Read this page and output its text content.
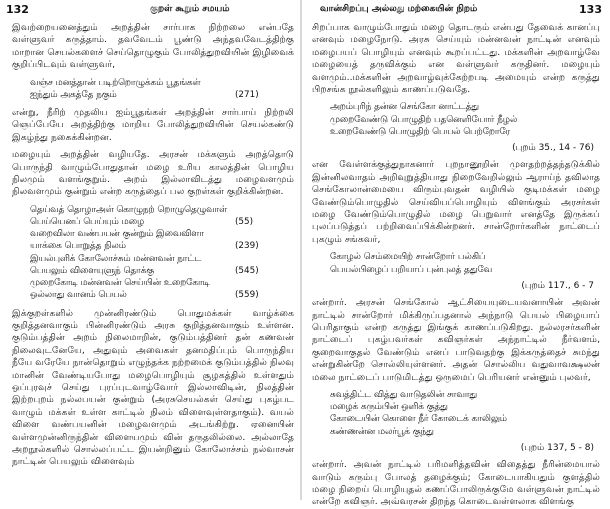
132	குறள் கூறும் சமயம்

இவற்றையனைத்தும் அறத்தின் சார்பாக நிற்றலை என்பதே வள்ளுவர் கருத்தாம். தவவேடம் பூண்டு அந்தவவேடத்திற்கு மாறான செயல்களைச் செய்தொழுகும் போலித்துறவியின் இழிவைக் குறிப்பிடவும் வள்ளுவர்,

வஞ்ச மனத்தான் படிற்றொழுக்கம் பூதங்கள்
ஐந்தும் அகத்தே நகும்	(271)

என்று, நீரிற் முதலிய ஐம்பூதங்கள் அறத்தின் சார்பாய் நிற்றலி ஞெப்பேயே அறத்திற்கு மாறிய போலித்துறவியின் செயல்கண்டு இகழ்ந்து நகைக்கின்றன.

மழையும் அறத்தின் வழியதே. அரசன் மக்களும் அறத்தொடு பொருந்தி வாழும்போதுதான் மழை உரிய காலத்தின் பொழிய நிலமும் வளங்குறும். அறம் இல்லாவிடத்து மழைவளமும் நிலவளமும் குன்றும் என்ற கருத்தைப் பல குறள்கள் குறிக்கின்றன.

தெய்வத் தொழாஅள் கொழுநற் றொழுதெழுவாள்
பெய்யெனப் பெய்யும் மழை	(55)
வறைவிலா வண்பயன் குன்றும் இவைவிளா
யாக்கை பொறுத்த நிலம்	(239)
இயல்புளிக் கோலோச்சும் மன்னவன் நாட்ட
பெயலும் விளையுளுந் தொக்கு	(545)
முறைகோடி மன்னவன் செய்யின் உறைகோடி
ஒல்லாது வானம் பெயல்	(559)

இக்குறள்களில் முன்னிரண்டும் பொதுமக்கள் வாழ்க்கை குறித்தனவாகும் பின்னிரண்டும் அரசு குறித்தனவாகும் உள்ளன. குடும்பத்தின் அறம் நிலைமாறின், குடும்பத்தினர் தன் கணவன் நிலைவுடனேயே, அதுவும் அவைகள் தனமதிப்பும் பொருந்திய நீயே வரேயே நான்தொறும் எழுந்தக்க நற்றமைக் குடும்பத்தில் நிலவு மானின் வேண்டியபோது மழைபொழியும் சூழகத்தில் உள்ளதும் ஒப்புரவுச் செய்து புரப்புடவாழ்வோர் இல்லாவிடின், நிலத்தின் இற்றபுறம் நல்லபயன் குன்றும் (அரசுசெயல்கள் செய்து புகழ்பட வாழும் மக்கள் உள்ள காட்டில் நிலம் விளைவுள்ளதாகும்). வயல் விளை வண்பயனின் மழைவளமும் அடங்கிற்று. ஏனையின் வள்ளமுன்னிருந்தின் விளையமும் வின் தருதலில்லை. அல்லாதே அறநூல்களில் சொல்லப்பட்ட இயன்றினும் கோலோச்சம் நல்வாசன் நாட்டின் பெயலும் விளைவும்

வான்சிறப்பு அல்லது மற்கையின் நிறம்	133

சிறப்பாக வாழும்போதும் மழை தொடரும் என்பது தேவைக் கானப்பு எனவும் மழைநோடு. அரசு செய்யும் மன்னவன் நாட்டின் எனவும் மழைபயப் பொழியும் எனவும் கூறப்பட்டது. மக்களின் அறவாழ்வே மழையைத் தருவிக்கும் என வள்ளுவர் கருதினர். மழையும் வளமும்..மக்களின் அறவாழ்வுக்கேற்றபடி அமையும் என்ற கருத்து பிறசங்க நூல்களிலும் காணப்படுவதே.

அறம்புரிந் தன்ன செங்கோ னாட்டத்து
முறைவேண்டு பொழுதிற் பதனெளியோர் நீழல்
உறைவேண்டு பொழுதிற் பெயல் பெற்றோரே
(புறம் 35., 14 - 76)

என வேள்ளக்குத்துநாகனார் புறநானூறின் முளதற்றத்தந்தடுக்கில் இன்னிலவாதம் அறிவுறுத்தியாது நிறைவேறில்லும் ஆராய்ந் தவிலாத செங்கோலான்மையை விரும்புவதன் வழியில் குடிமக்கள் மழை வேண்டும்பொழுதில் செய்வியப்பொழியும் விளங்கும் அரசர்கள் மழை வேண்டும்பொழுதில் மழை பெறுவார் எனத்தே இருக்கப் புலப்படுத்தப் பற்றிவைப்பிக்கின்றனர். சான்றோர்களின் நாட்டைப் புகழும் சங்கவர்,

கோழல் செம்மையிற் சான்றோர் பல்கிப்
பெயல்பிழைப் பறியாப் புன்புலத் ததுவே
(புறம் 117., 6 - 7

என்றார். அரசன் செங்கோல் ஆட்சியையுடையவனாயின் அவன் நாட்டில் சான்றோர் மிக்கிருப்பதனால் அந்நாடு பெயல் பிழையாப் பெரிதாகும் என்ற கருத்து இங்குக் காணப்படுகிறது. நல்லரசர்களின் நாட்டைப் புகழ்பவர்கள் கவிஞர்கள் அந்நாட்டில் நீர்வளம், குறைவாகுதல் வேண்டும் எனப் பாடுவதற்கு இக்கருத்தைச் சுமந்து என்றுகின்றே சொல்லியுள்ளனர். அதன் சொல்லிய வதுவாவக்ஷலன் மலை நாட்டைப் பாடுமிடத்து ஒருமைப் பெரியனர் என்னும் புலவர்,

சுவத்திட்ட வித்து வாடுதலின் சாவாது
மழைக் கரும்பின் ஒளிக் குத்து
கோடையின் கொளை நீர் கோடைக் காலிலும்
கண்ணன்ன மலர்பூக் குந்து
(புறம் 137, 5 - 8)

என்றார். அவன் நாட்டில் பரிமளித்தவின் விதைத்து நீரின்மையால் வாடும் கரும்பு போலத் தழைக்கும்; கோடையாகியதும் குளத்தில் மழை நிறைய் பொழியுதல் கணப்போலிருக்குமே வள்ளுவன் நாட்டில் என்றே கவிஞர். அவ்வரசன் திறந்த கொடைவள்ளலாக விளங்கு
